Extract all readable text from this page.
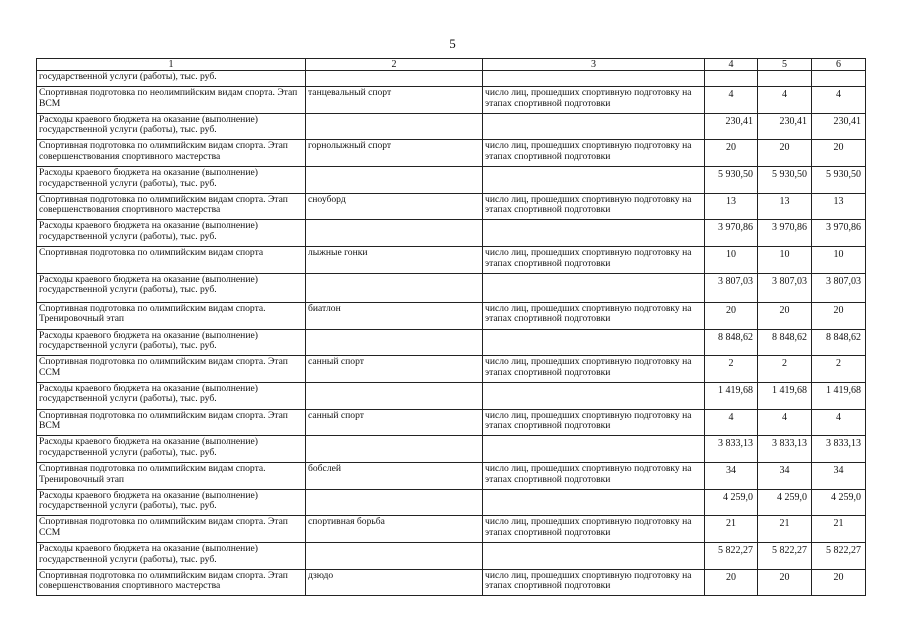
5
1	2	3	4	5	6
государственной услуги (работы), тыс. руб.					
Спортивная подготовка по неолимпийским видам спорта. Этап ВСМ	танцевальный спорт	число лиц, прошедших спортивную подготовку на этапах спортивной подготовки	4	4	4
Расходы краевого бюджета на оказание (выполнение) государственной услуги (работы), тыс. руб.			230,41	230,41	230,41
Спортивная подготовка по олимпийским видам спорта. Этап совершенствования спортивного мастерства	горнолыжный спорт	число лиц, прошедших спортивную подготовку на этапах спортивной подготовки	20	20	20
Расходы краевого бюджета на оказание (выполнение) государственной услуги (работы), тыс. руб.			5 930,50	5 930,50	5 930,50
Спортивная подготовка по олимпийским видам спорта. Этап совершенствования спортивного мастерства	сноуборд	число лиц, прошедших спортивную подготовку на этапах спортивной подготовки	13	13	13
Расходы краевого бюджета на оказание (выполнение) государственной услуги (работы), тыс. руб.			3 970,86	3 970,86	3 970,86
Спортивная подготовка по олимпийским видам спорта	лыжные гонки	число лиц, прошедших спортивную подготовку на этапах спортивной подготовки	10	10	10
Расходы краевого бюджета на оказание (выполнение) государственной услуги (работы), тыс. руб.			3 807,03	3 807,03	3 807,03
Спортивная подготовка по олимпийским видам спорта. Тренировочный этап	биатлон	число лиц, прошедших спортивную подготовку на этапах спортивной подготовки	20	20	20
Расходы краевого бюджета на оказание (выполнение) государственной услуги (работы), тыс. руб.			8 848,62	8 848,62	8 848,62
Спортивная подготовка по олимпийским видам спорта. Этап ССМ	санный спорт	число лиц, прошедших спортивную подготовку на этапах спортивной подготовки	2	2	2
Расходы краевого бюджета на оказание (выполнение) государственной услуги (работы), тыс. руб.			1 419,68	1 419,68	1 419,68
Спортивная подготовка по олимпийским видам спорта. Этап ВСМ	санный спорт	число лиц, прошедших спортивную подготовку на этапах спортивной подготовки	4	4	4
Расходы краевого бюджета на оказание (выполнение) государственной услуги (работы), тыс. руб.			3 833,13	3 833,13	3 833,13
Спортивная подготовка по олимпийским видам спорта. Тренировочный этап	бобслей	число лиц, прошедших спортивную подготовку на этапах спортивной подготовки	34	34	34
Расходы краевого бюджета на оказание (выполнение) государственной услуги (работы), тыс. руб.			4 259,0	4 259,0	4 259,0
Спортивная подготовка по олимпийским видам спорта. Этап ССМ	спортивная борьба	число лиц, прошедших спортивную подготовку на этапах спортивной подготовки	21	21	21
Расходы краевого бюджета на оказание (выполнение) государственной услуги (работы), тыс. руб.			5 822,27	5 822,27	5 822,27
Спортивная подготовка по олимпийским видам спорта. Этап совершенствования спортивного мастерства	дзюдо	число лиц, прошедших спортивную подготовку на этапах спортивной подготовки	20	20	20
